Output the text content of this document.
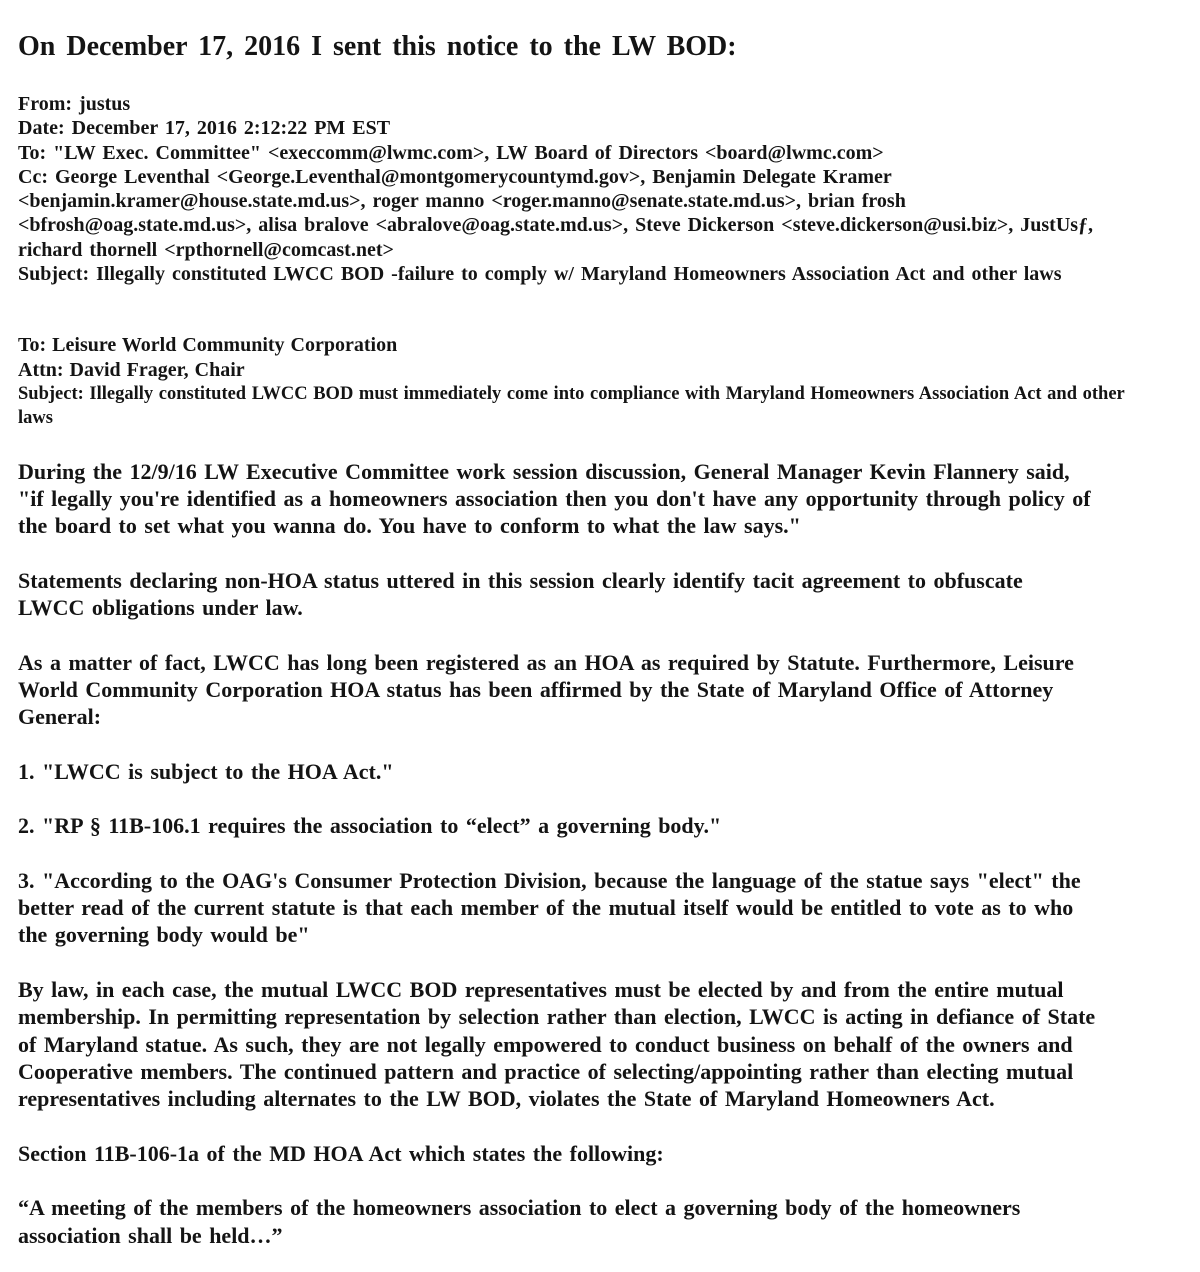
On December 17, 2016 I sent this notice to the LW BOD:
From: justus
Date: December 17, 2016 2:12:22 PM EST
To: "LW Exec. Committee" <execcomm@lwmc.com>, LW Board of Directors <board@lwmc.com>
Cc: George Leventhal <George.Leventhal@montgomerycountymd.gov>, Benjamin Delegate Kramer
<benjamin.kramer@house.state.md.us>, roger manno <roger.manno@senate.state.md.us>, brian frosh
<bfrosh@oag.state.md.us>, alisa bralove <abralove@oag.state.md.us>, Steve Dickerson <steve.dickerson@usi.biz>, JustUsƒ,
richard thornell <rpthornell@comcast.net>
Subject: Illegally constituted LWCC BOD -failure to comply w/ Maryland Homeowners Association Act and other laws
To: Leisure World Community Corporation
Attn: David Frager, Chair
Subject: Illegally constituted LWCC BOD must immediately come into compliance with Maryland Homeowners Association Act and other
laws
During the 12/9/16 LW Executive Committee work session discussion, General Manager Kevin Flannery said,
"if legally you're identified as a homeowners association then you don't have any opportunity through policy of
the board to set what you wanna do. You have to conform to what the law says."
Statements declaring non-HOA status uttered in this session clearly identify tacit agreement to obfuscate
LWCC obligations under law.
As a matter of fact, LWCC has long been registered as an HOA as required by Statute. Furthermore, Leisure
World Community Corporation HOA status has been affirmed by the State of Maryland Office of Attorney
General:
1. "LWCC is subject to the HOA Act."
2. "RP § 11B-106.1 requires the association to “elect” a governing body."
3. "According to the OAG's Consumer Protection Division, because the language of the statue says "elect" the
better read of the current statute is that each member of the mutual itself would be entitled to vote as to who
the governing body would be"
By law, in each case, the mutual LWCC BOD representatives must be elected by and from the entire mutual
membership. In permitting representation by selection rather than election, LWCC is acting in defiance of State
of Maryland statue. As such, they are not legally empowered to conduct business on behalf of the owners and
Cooperative members. The continued pattern and practice of selecting/appointing rather than electing mutual
representatives including alternates to the LW BOD, violates the State of Maryland Homeowners Act.
Section 11B-106-1a of the MD HOA Act which states the following:
“A meeting of the members of the homeowners association to elect a governing body of the homeowners
association shall be held…”
